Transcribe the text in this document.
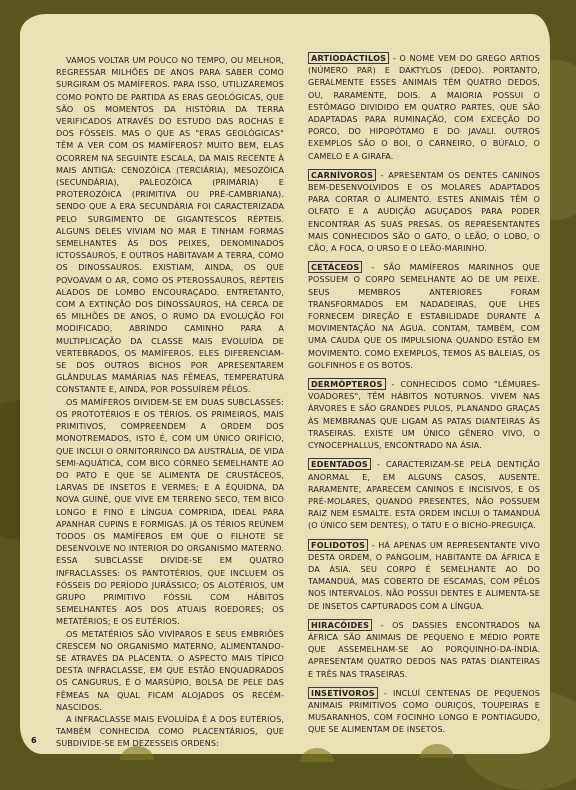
VAMOS VOLTAR UM POUCO NO TEMPO, OU MELHOR, REGRESSAR MILHÕES DE ANOS PARA SABER COMO SURGIRAM OS MAMÍFEROS. PARA ISSO, UTILIZAREMOS COMO PONTO DE PARTIDA AS ERAS GEOLÓGICAS, QUE SÃO OS MOMENTOS DA HISTÓRIA DA TERRA VERIFICADOS ATRAVÉS DO ESTUDO DAS ROCHAS E DOS FÓSSEIS. MAS O QUE AS "ERAS GEOLÓGICAS" TÊM A VER COM OS MAMÍFEROS? MUITO BEM, ELAS OCORREM NA SEGUINTE ESCALA, DA MAIS RECENTE À MAIS ANTIGA: CENOZÓICA (TERCIÁRIA), MESOZÓICA (SECUNDÁRIA), PALEOZÓICA (PRIMÁRIA) E PROTEROZÓICA (PRIMITIVA OU PRÉ-CAMBRIANA). SENDO QUE A ERA SECUNDÁRIA FOI CARACTERIZADA PELO SURGIMENTO DE GIGANTESCOS RÉPTEIS. ALGUNS DELES VIVIAM NO MAR E TINHAM FORMAS SEMELHANTES ÀS DOS PEIXES, DENOMINADOS ICTOSSAUROS, E OUTROS HABITAVAM A TERRA, COMO OS DINOSSAUROS. EXISTIAM, AINDA, OS QUE POVOAVAM O AR, COMO OS PTEROSSAUROS, RÉPTEIS ALADOS DE LOMBO ENCOURAÇADO. ENTRETANTO, COM A EXTINÇÃO DOS DINOSSAUROS, HÁ CERCA DE 65 MILHÕES DE ANOS, O RUMO DA EVOLUÇÃO FOI MODIFICADO, ABRINDO CAMINHO PARA A MULTIPLICAÇÃO DA CLASSE MAIS EVOLUÍDA DE VERTEBRADOS, OS MAMÍFEROS. ELES DIFERENCIAM-SE DOS OUTROS BICHOS POR APRESENTAREM GLÂNDULAS MAMÁRIAS NAS FÊMEAS, TEMPERATURA CONSTANTE E, AINDA, POR POSSUÍREM PÊLOS.

OS MAMÍFEROS DIVIDEM-SE EM DUAS SUBCLASSES: OS PROTOTÉRIOS E OS TÉRIOS. OS PRIMEIROS, MAIS PRIMITIVOS, COMPREENDEM A ORDEM DOS MONOTREMADOS, ISTO É, COM UM ÚNICO ORIFÍCIO, QUE INCLUI O ORNITORRINCO DA AUSTRÁLIA, DE VIDA SEMI-AQUÁTICA, COM BICO CÓRNEO SEMELHANTE AO DO PATO E QUE SE ALIMENTA DE CRUSTÁCEOS, LARVAS DE INSETOS E VERMES; E A ÉQUIDNA, DA NOVA GUINÉ, QUE VIVE EM TERRENO SECO, TEM BICO LONGO E FINO E LÍNGUA COMPRIDA, IDEAL PARA APANHAR CUPINS E FORMIGAS. JÁ OS TÉRIOS REÚNEM TODOS OS MAMÍFEROS EM QUE O FILHOTE SE DESENVOLVE NO INTERIOR DO ORGANISMO MATERNO. ESSA SUBCLASSE DIVIDE-SE EM QUATRO INFRACLASSES: OS PANTOTÉRIOS, QUE INCLUEM OS FÓSSEIS DO PERÍODO JURÁSSICO; OS ALOTÉRIOS, UM GRUPO PRIMITIVO FÓSSIL COM HÁBITOS SEMELHANTES AOS DOS ATUAIS ROEDORES; OS METATÉRIOS; E OS EUTÉRIOS.

OS METATÉRIOS SÃO VIVÍPAROS E SEUS EMBRIÕES CRESCEM NO ORGANISMO MATERNO, ALIMENTANDO-SE ATRAVÉS DA PLACENTA. O ASPECTO MAIS TÍPICO DESTA INFRACLASSE, EM QUE ESTÃO ENQUADRADOS OS CANGURUS, É O MARSÚPIO, BOLSA DE PELE DAS FÊMEAS NA QUAL FICAM ALOJADOS OS RECÉM-NASCIDOS.

A INFRACLASSE MAIS EVOLUÍDA É A DOS EUTÉRIOS, TAMBÉM CONHECIDA COMO PLACENTÁRIOS, QUE SUBDIVIDE-SE EM DEZESSEIS ORDENS:

ARTIODÁCTILOS - O NOME VEM DO GREGO ARTIOS (NÚMERO PAR) E DAKTYLOS (DEDO). PORTANTO, GERALMENTE ESSES ANIMAIS TÊM QUATRO DEDOS, OU, RARAMENTE, DOIS. A MAIORIA POSSUI O ESTÔMAGO DIVIDIDO EM QUATRO PARTES, QUE SÃO ADAPTADAS PARA RUMINAÇÃO, COM EXCEÇÃO DO PORCO, DO HIPOPÓTAMO E DO JAVALI. OUTROS EXEMPLOS SÃO O BOI, O CARNEIRO, O BÚFALO, O CAMELO E A GIRAFA.
CARNÍVOROS - APRESENTAM OS DENTES CANINOS BEM-DESENVOLVIDOS E OS MOLARES ADAPTADOS PARA CORTAR O ALIMENTO. ESTES ANIMAIS TÊM O OLFATO E A AUDIÇÃO AGUÇADOS PARA PODER ENCONTRAR AS SUAS PRESAS. OS REPRESENTANTES MAIS CONHECIDOS SÃO O GATO, O LEÃO, O LOBO, O CÃO, A FOCA, O URSO E O LEÃO-MARINHO.
CETÁCEOS - SÃO MAMÍFEROS MARINHOS QUE POSSUEM O CORPO SEMELHANTE AO DE UM PEIXE. SEUS MEMBROS ANTERIORES FORAM TRANSFORMADOS EM NADADEIRAS, QUE LHES FORNECEM DIREÇÃO E ESTABILIDADE DURANTE A MOVIMENTAÇÃO NA ÁGUA. CONTAM, TAMBÉM, COM UMA CAUDA QUE OS IMPULSIONA QUANDO ESTÃO EM MOVIMENTO. COMO EXEMPLOS, TEMOS AS BALEIAS, OS GOLFINHOS E OS BOTOS.
DERMÓPTEROS - CONHECIDOS COMO "LÊMURES-VOADORES", TÊM HÁBITOS NOTURNOS. VIVEM NAS ÁRVORES E SÃO GRANDES PULOS, PLANANDO GRAÇAS ÀS MEMBRANAS QUE LIGAM AS PATAS DIANTEIRAS ÀS TRASEIRAS. EXISTE UM ÚNICO GÊNERO VIVO, O CYNOCEPHALLUS, ENCONTRADO NA ÁSIA.
EDENTADOS - CARACTERIZAM-SE PELA DENTIÇÃO ANORMAL E, EM ALGUNS CASOS, AUSENTE. RARAMENTE, APARECEM CANINOS E INCISIVOS, E OS PRÉ-MOLARES, QUANDO PRESENTES, NÃO POSSUEM RAIZ NEM ESMALTE. ESTA ORDEM INCLUI O TAMANDUÁ (O ÚNICO SEM DENTES), O TATU E O BICHO-PREGUIÇA.
FOLIDOTOS - HÁ APENAS UM REPRESENTANTE VIVO DESTA ORDEM, O PANGOLIM, HABITANTE DA ÁFRICA E DA ÁSIA. SEU CORPO É SEMELHANTE AO DO TAMANDUÁ, MAS COBERTO DE ESCAMAS, COM PÊLOS NOS INTERVALOS. NÃO POSSUI DENTES E ALIMENTA-SE DE INSETOS CAPTURADOS COM A LÍNGUA.
HIRACÓIDES - OS DASSIES ENCONTRADOS NA ÁFRICA SÃO ANIMAIS DE PEQUENO E MÉDIO PORTE QUE ASSEMELHAM-SE AO PORQUINHO-DA-ÍNDIA. APRESENTAM QUATRO DEDOS NAS PATAS DIANTEIRAS E TRÊS NAS TRASEIRAS.
INSETÍVOROS - INCLUÍ CENTENAS DE PEQUENOS ANIMAIS PRIMITIVOS COMO OURIÇOS, TOUPEIRAS E MUSARANHOS, COM FOCINHO LONGO E PONTIAGUDO, QUE SE ALIMENTAM DE INSETOS.
6
